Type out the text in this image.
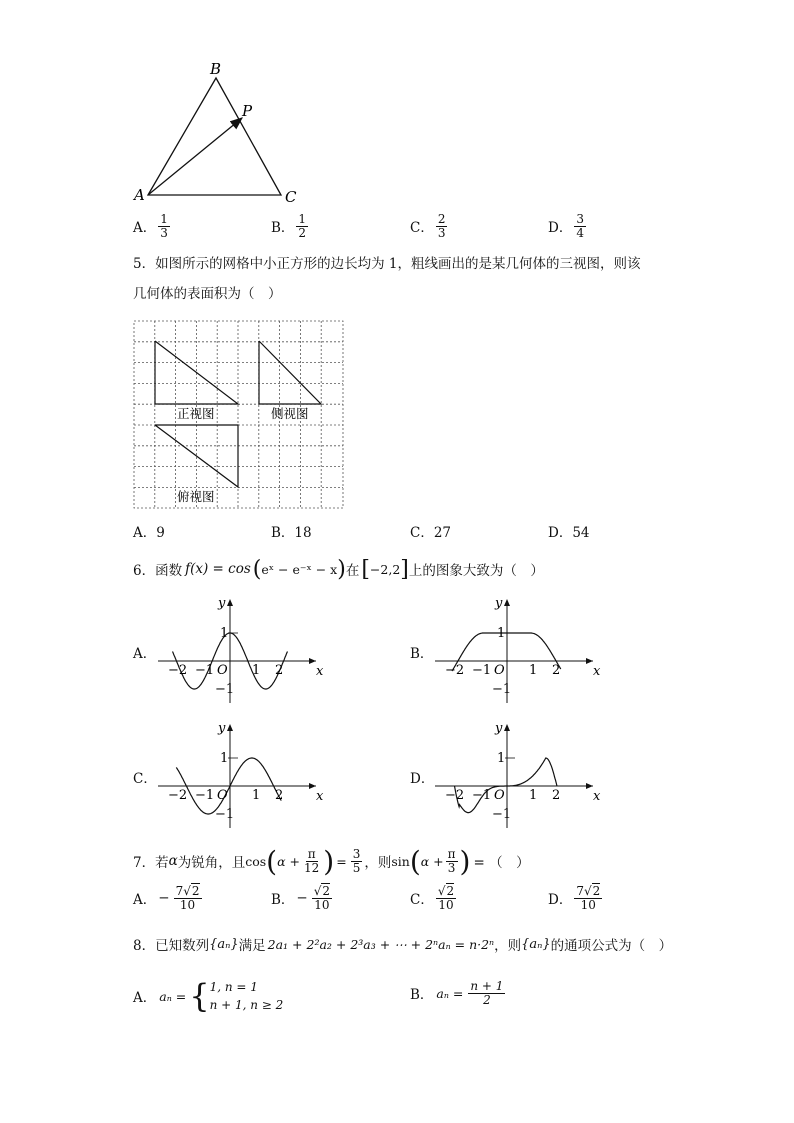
A
B
C
P
A． $\frac{1}{3}$	B． $\frac{1}{2}$	C． $\frac{2}{3}$	D． $\frac{3}{4}$
5．如图所示的网格中小正方形的边长均为 1，粗线画出的是某几何体的三视图，则该
几何体的表面积为（　）
正视图	侧视图
俯视图
A．9	B．18	C．27	D．54
6．函数 f(x) = cos ( eˣ − e⁻ˣ − x ) 在 [ −2,2 ] 上的图象大致为（　）
A．
y
x
O
1
−1
2
−2 −1	1
B．
y
x
O
1
−1
2
−2 −1	1
C．
y
x
O
1
−1
2
−2 −1	1
D．
y
x
O
1
−1
2
−2 −1	1
7．若 α 为锐角，且 cos ( $\alpha + \frac{\pi}{12}$ ) = $\frac{3}{5}$ ，则 sin ( $\alpha + \frac{\pi}{3}$ ) = （　）
A． − $\frac{7√2}{10}$	B． − $\frac{√2}{10}$	C． $\frac{√2}{10}$	D． $\frac{7√2}{10}$
8．已知数列 {aₙ} 满足 2a₁ + 2²a₂ + 2³a₃ + ⋯ + 2ⁿaₙ = n·2ⁿ ，则 {aₙ} 的通项公式为（　）
A． aₙ = { 1, n = 1
n + 1, n ≥ 2
B． $a_n = \frac{n + 1}{2}$
